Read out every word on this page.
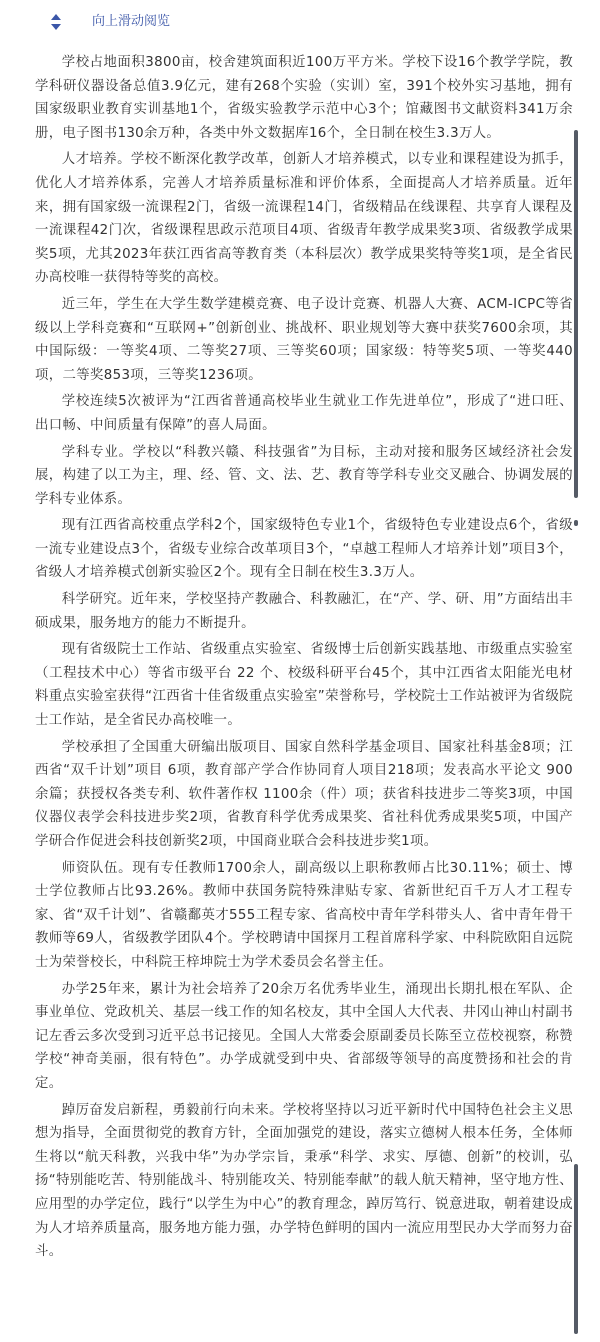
向上滑动阅览

学校占地面积3800亩，校舍建筑面积近100万平方米。学校下设16个教学学院，教学科研仪器设备总值3.9亿元，建有268个实验（实训）室，391个校外实习基地，拥有国家级职业教育实训基地1个，省级实验教学示范中心3个；馆藏图书文献资料341万余册，电子图书130余万种，各类中外文数据库16个，全日制在校生3.3万人。

人才培养。学校不断深化教学改革，创新人才培养模式，以专业和课程建设为抓手，优化人才培养体系，完善人才培养质量标准和评价体系，全面提高人才培养质量。近年来，拥有国家级一流课程2门，省级一流课程14门，省级精品在线课程、共享育人课程及一流课程42门次，省级课程思政示范项目4项、省级青年教学成果奖3项、省级教学成果奖5项，尤其2023年获江西省高等教育类（本科层次）教学成果奖特等奖1项，是全省民办高校唯一获得特等奖的高校。

近三年，学生在大学生数学建模竞赛、电子设计竞赛、机器人大赛、ACM-ICPC等省级以上学科竞赛和“互联网+”创新创业、挑战杯、职业规划等大赛中获奖7600余项，其中国际级：一等奖4项、二等奖27项、三等奖60项；国家级：特等奖5项、一等奖440项，二等奖853项，三等奖1236项。

学校连续5次被评为“江西省普通高校毕业生就业工作先进单位”，形成了“进口旺、出口畅、中间质量有保障”的喜人局面。

学科专业。学校以“科教兴赣、科技强省”为目标，主动对接和服务区域经济社会发展，构建了以工为主，理、经、管、文、法、艺、教育等学科专业交叉融合、协调发展的学科专业体系。

现有江西省高校重点学科2个，国家级特色专业1个，省级特色专业建设点6个，省级一流专业建设点3个，省级专业综合改革项目3个，“卓越工程师人才培养计划”项目3个，省级人才培养模式创新实验区2个。现有全日制在校生3.3万人。

科学研究。近年来，学校坚持产教融合、科教融汇，在“产、学、研、用”方面结出丰硕成果，服务地方的能力不断提升。

现有省级院士工作站、省级重点实验室、省级博士后创新实践基地、市级重点实验室（工程技术中心）等省市级平台 22 个、校级科研平台45个，其中江西省太阳能光电材料重点实验室获得“江西省十佳省级重点实验室”荣誉称号，学校院士工作站被评为省级院士工作站，是全省民办高校唯一。

学校承担了全国重大研编出版项目、国家自然科学基金项目、国家社科基金8项；江西省“双千计划”项目 6项，教育部产学合作协同育人项目218项；发表高水平论文 900 余篇；获授权各类专利、软件著作权 1100余（件）项；获省科技进步二等奖3项，中国仪器仪表学会科技进步奖2项，省教育科学优秀成果奖、省社科优秀成果奖5项，中国产学研合作促进会科技创新奖2项，中国商业联合会科技进步奖1项。

师资队伍。现有专任教师1700余人，副高级以上职称教师占比30.11%；硕士、博士学位教师占比93.26%。教师中获国务院特殊津贴专家、省新世纪百千万人才工程专家、省“双千计划”、省赣鄱英才555工程专家、省高校中青年学科带头人、省中青年骨干教师等69人，省级教学团队4个。学校聘请中国探月工程首席科学家、中科院欧阳自远院士为荣誉校长，中科院王梓坤院士为学术委员会名誉主任。

办学25年来，累计为社会培养了20余万名优秀毕业生，涌现出长期扎根在军队、企事业单位、党政机关、基层一线工作的知名校友，其中全国人大代表、井冈山神山村副书记左香云多次受到习近平总书记接见。全国人大常委会原副委员长陈至立莅校视察，称赞学校“神奇美丽，很有特色”。办学成就受到中央、省部级等领导的高度赞扬和社会的肯定。

踔厉奋发启新程，勇毅前行向未来。学校将坚持以习近平新时代中国特色社会主义思想为指导，全面贯彻党的教育方针，全面加强党的建设，落实立德树人根本任务，全体师生将以“航天科教，兴我中华”为办学宗旨，秉承“科学、求实、厚德、创新”的校训，弘扬“特别能吃苦、特别能战斗、特别能攻关、特别能奉献”的载人航天精神，坚守地方性、应用型的办学定位，践行“以学生为中心”的教育理念，踔厉笃行、锐意进取，朝着建设成为人才培养质量高，服务地方能力强，办学特色鲜明的国内一流应用型民办大学而努力奋斗。
